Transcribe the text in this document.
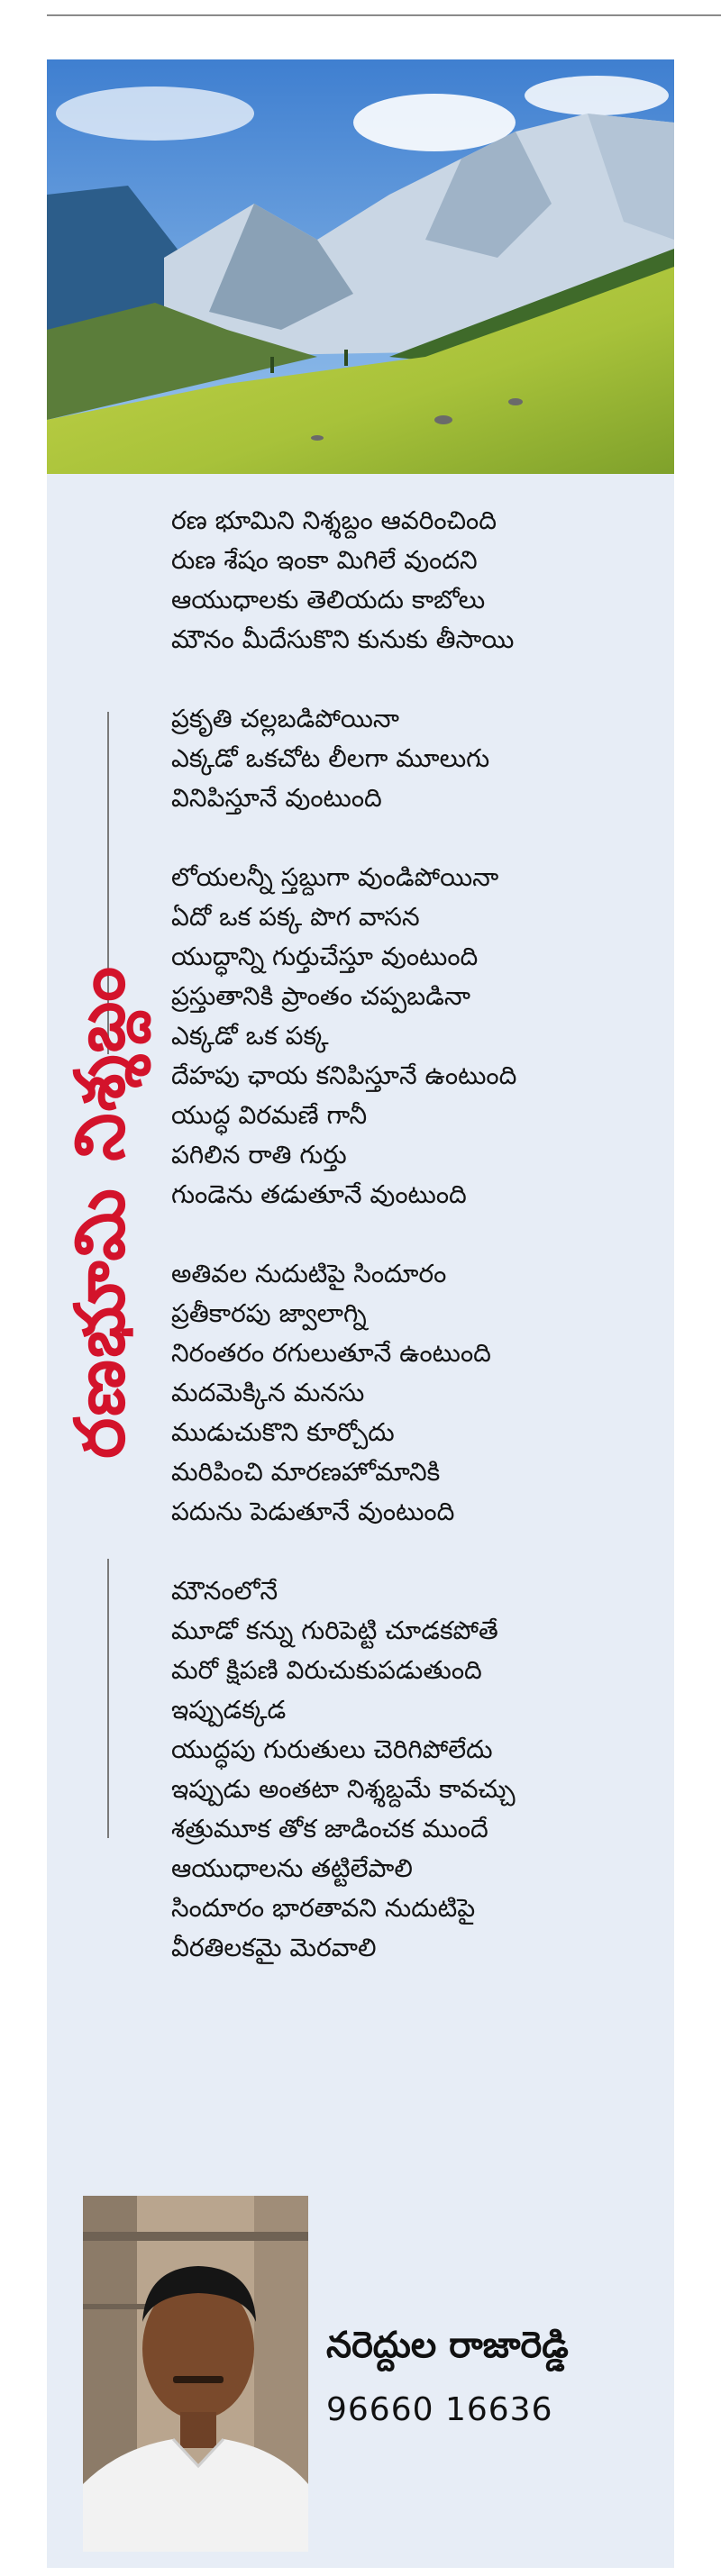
రణభూమి నిశ్శబ్దం
రణ భూమిని నిశ్శబ్దం ఆవరించింది
రుణ శేషం ఇంకా మిగిలే వుందని
ఆయుధాలకు తెలియదు కాబోలు
మౌనం మీదేసుకొని కునుకు తీసాయి
ప్రకృతి చల్లబడిపోయినా
ఎక్కడో ఒకచోట లీలగా మూలుగు
వినిపిస్తూనే వుంటుంది
లోయలన్నీ స్తబ్దుగా వుండిపోయినా
ఏదో ఒక పక్క పొగ వాసన
యుద్ధాన్ని గుర్తుచేస్తూ వుంటుంది
ప్రస్తుతానికి ప్రాంతం చప్పబడినా
ఎక్కడో ఒక పక్క
దేహపు ఛాయ కనిపిస్తూనే ఉంటుంది
యుద్ధ విరమణే గానీ
పగిలిన రాతి గుర్తు
గుండెను తడుతూనే వుంటుంది
అతివల నుదుటిపై సిందూరం
ప్రతీకారపు జ్వాలాగ్ని
నిరంతరం రగులుతూనే ఉంటుంది
మదమెక్కిన మనసు
ముడుచుకొని కూర్చోదు
మరిపించి మారణహోమానికి
పదును పెడుతూనే వుంటుంది
మౌనంలోనే
మూడో కన్ను గురిపెట్టి చూడకపోతే
మరో క్షిపణి విరుచుకుపడుతుంది
ఇప్పుడక్కడ
యుద్ధపు గురుతులు చెరిగిపోలేదు
ఇప్పుడు అంతటా నిశ్శబ్దమే కావచ్చు
శత్రుమూక తోక జాడించక ముందే
ఆయుధాలను తట్టిలేపాలి
సిందూరం భారతావని నుదుటిపై
వీరతిలకమై మెరవాలి
నరెద్దుల రాజారెడ్డి
96660 16636
